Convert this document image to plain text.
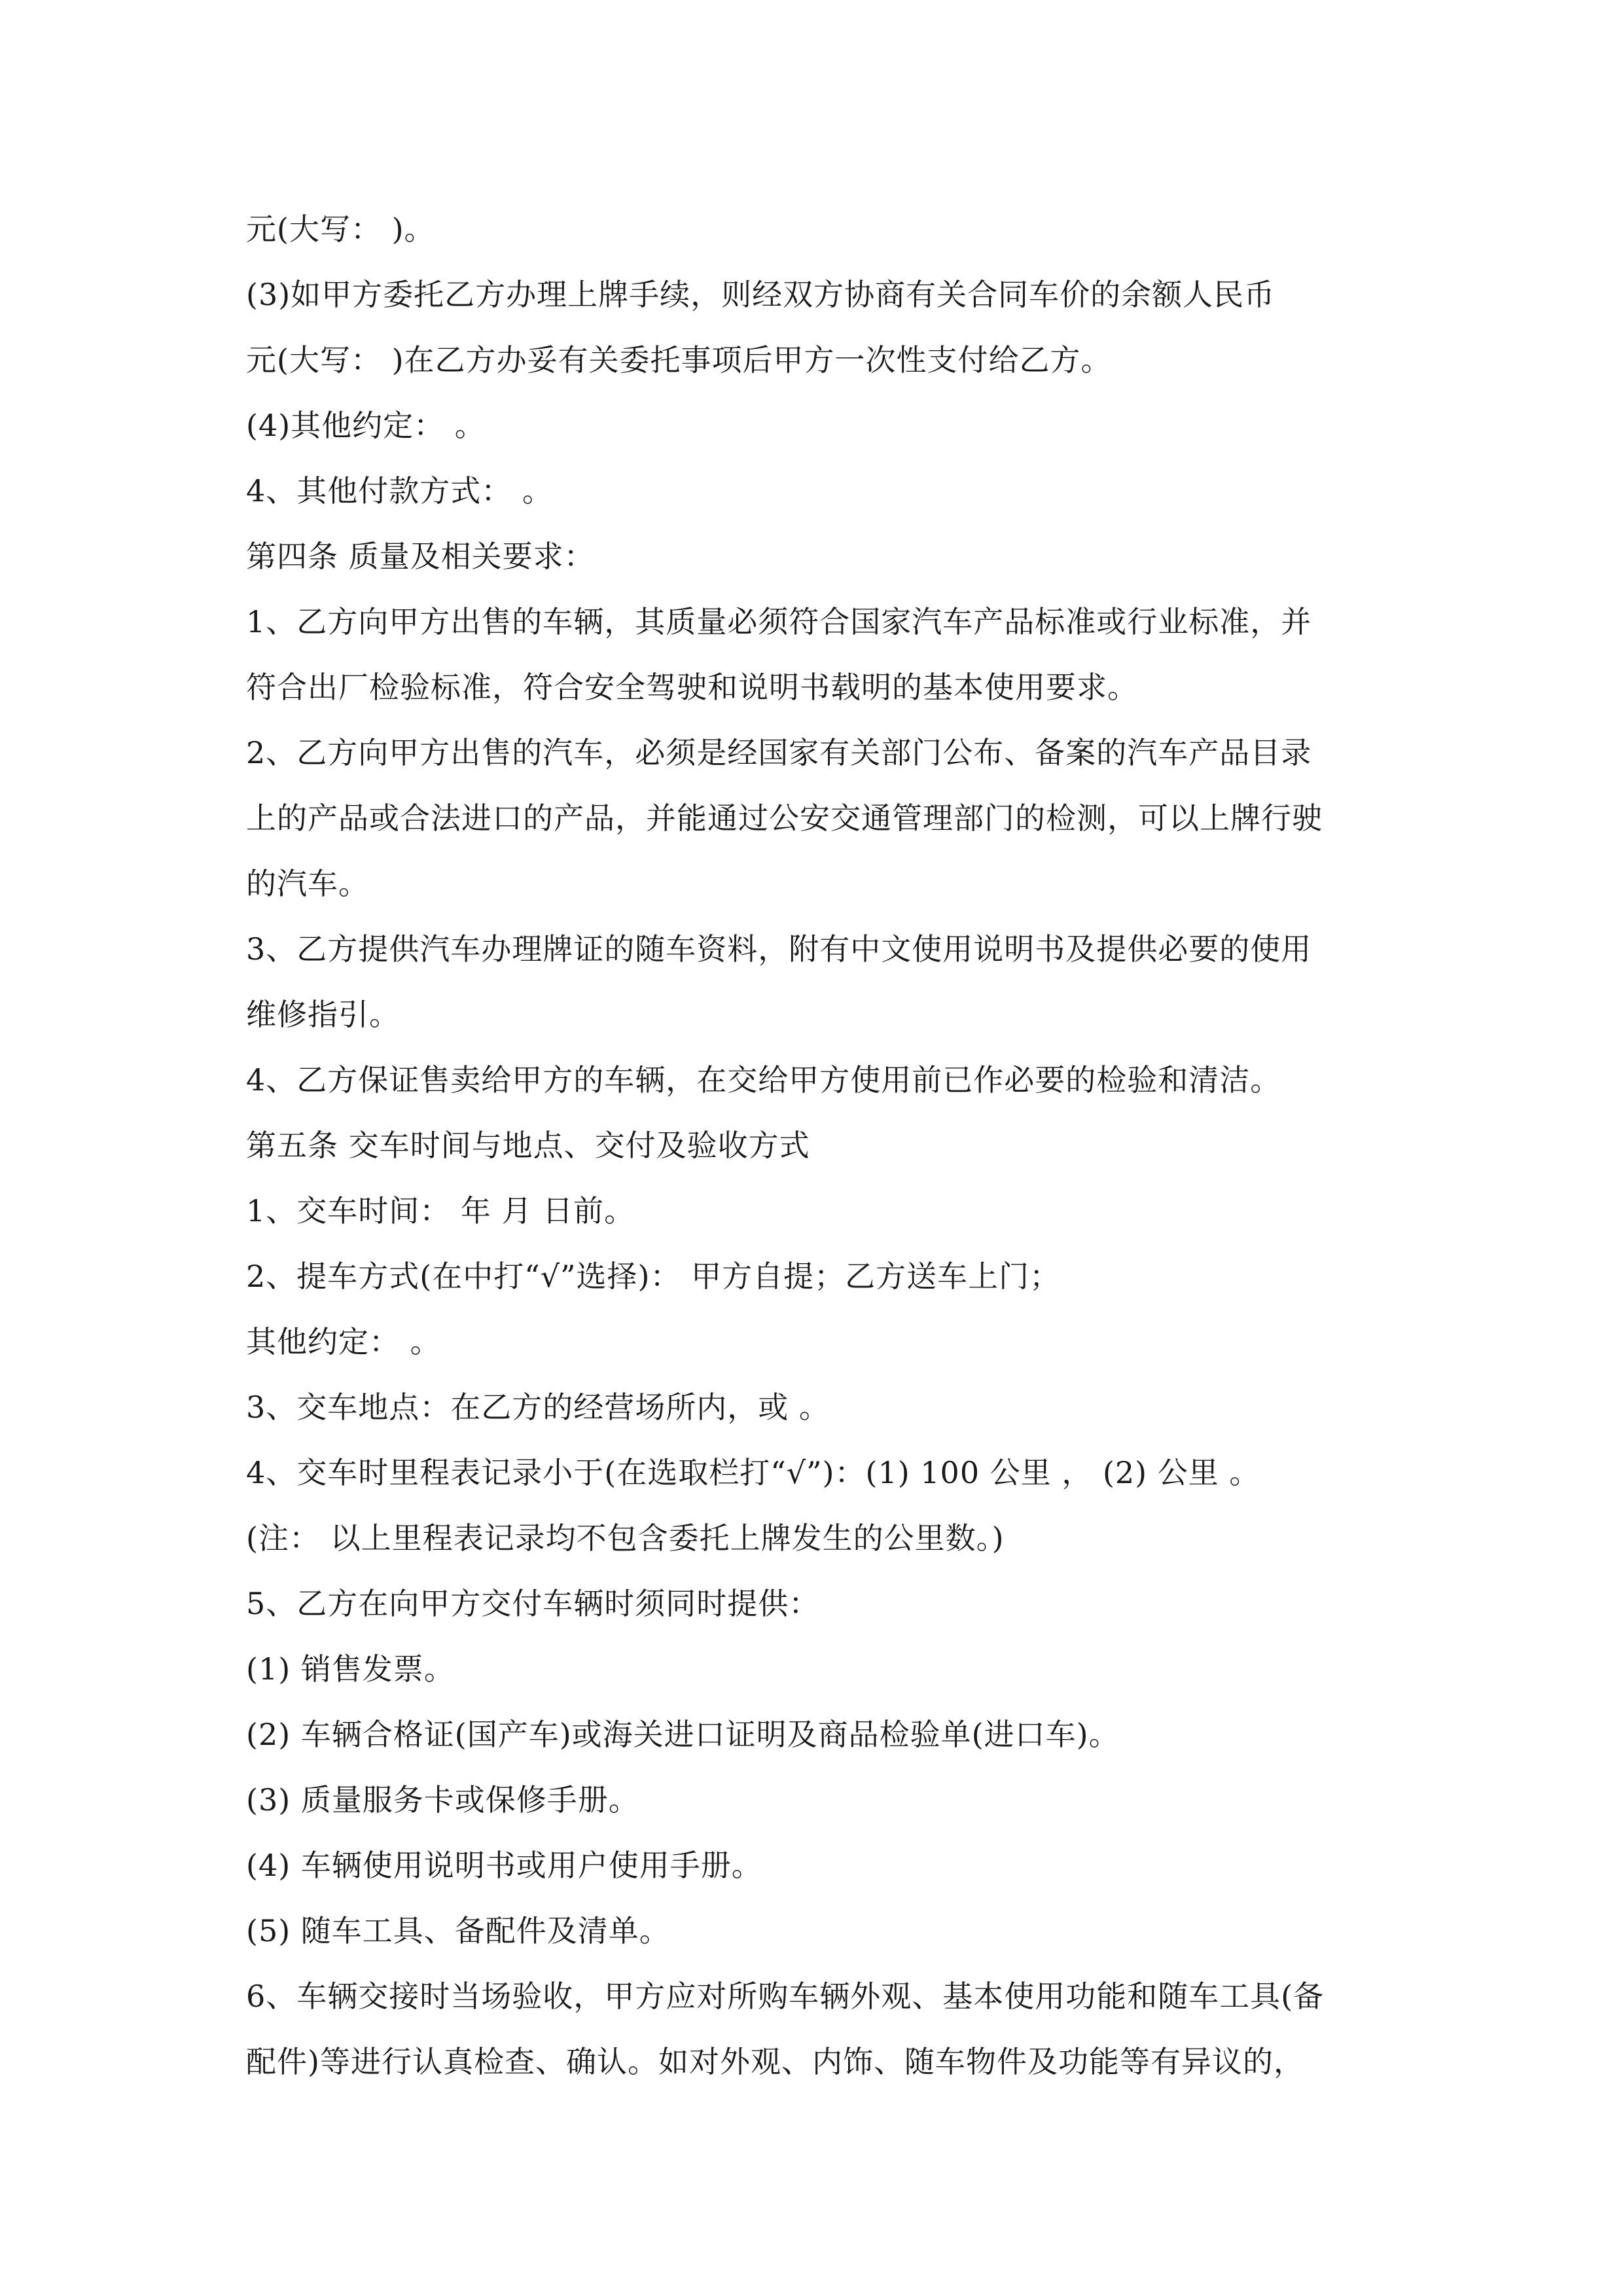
元(大写： )。
(3)如甲方委托乙方办理上牌手续，则经双方协商有关合同车价的余额人民币
元(大写： )在乙方办妥有关委托事项后甲方一次性支付给乙方。
(4)其他约定： 。
4、其他付款方式： 。
第四条 质量及相关要求：
1、乙方向甲方出售的车辆，其质量必须符合国家汽车产品标准或行业标准，并
符合出厂检验标准，符合安全驾驶和说明书载明的基本使用要求。
2、乙方向甲方出售的汽车，必须是经国家有关部门公布、备案的汽车产品目录
上的产品或合法进口的产品，并能通过公安交通管理部门的检测，可以上牌行驶
的汽车。
3、乙方提供汽车办理牌证的随车资料，附有中文使用说明书及提供必要的使用
维修指引。
4、乙方保证售卖给甲方的车辆，在交给甲方使用前已作必要的检验和清洁。
第五条 交车时间与地点、交付及验收方式
1、交车时间： 年 月 日前。
2、提车方式(在中打“√”选择)： 甲方自提；乙方送车上门；
其他约定： 。
3、交车地点：在乙方的经营场所内，或 。
4、交车时里程表记录小于(在选取栏打“√”)：(1) 100 公里 ， (2) 公里 。
(注： 以上里程表记录均不包含委托上牌发生的公里数。)
5、乙方在向甲方交付车辆时须同时提供：
(1) 销售发票。
(2) 车辆合格证(国产车)或海关进口证明及商品检验单(进口车)。
(3) 质量服务卡或保修手册。
(4) 车辆使用说明书或用户使用手册。
(5) 随车工具、备配件及清单。
6、车辆交接时当场验收，甲方应对所购车辆外观、基本使用功能和随车工具(备
配件)等进行认真检查、确认。如对外观、内饰、随车物件及功能等有异议的，
